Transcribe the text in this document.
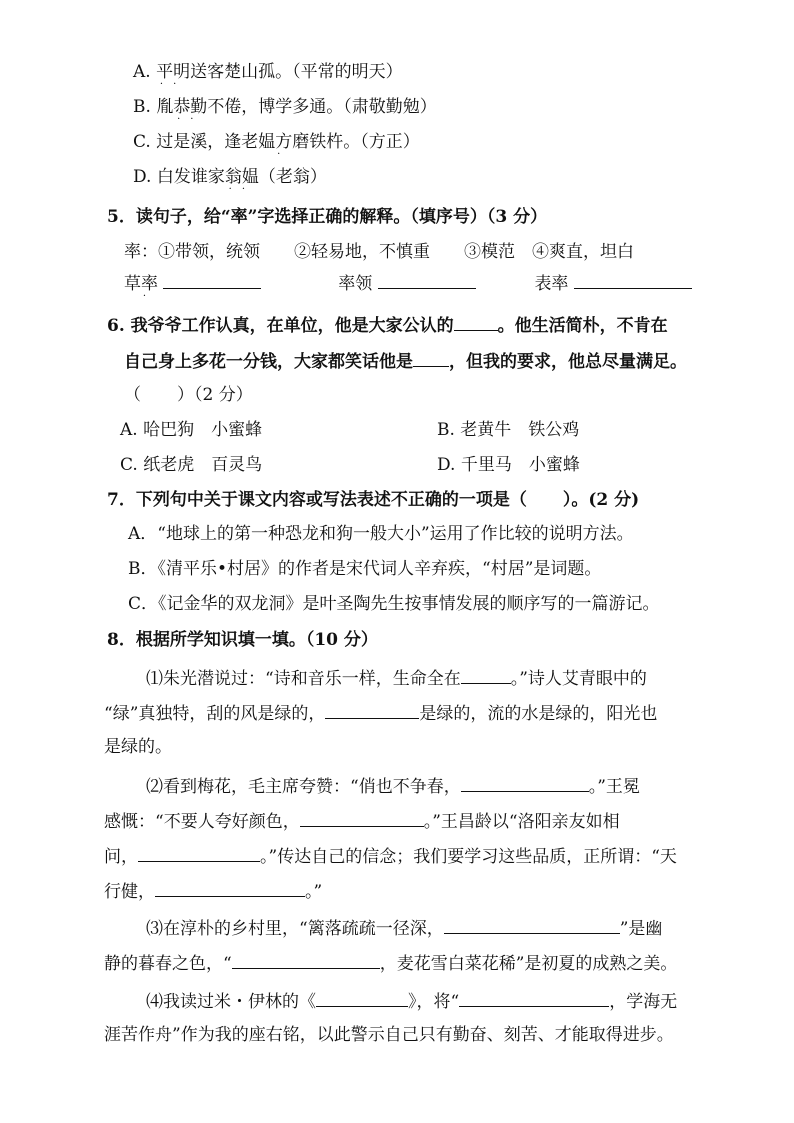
A. 平明
··
送客楚山孤。（平常的明天）
B. 胤恭勤
··
不倦，博学多通。（肃敬勤勉）
C. 过是溪，逢老媪方
·
磨铁杵。（方正）
D. 白发谁家翁媪
··
（老翁）
5．读句子，给“率”字选择正确的解释。（填序号）（3 分）
率：①带领，统领　　②轻易地，不慎重　　③模范　④爽直，坦白
草率
·
率领	表率
6. 我爷爷工作认真，在单位，他是大家公认的	。他生活简朴，不肯在
自己身上多花一分钱，大家都笑话他是 ，但我的要求，他总尽量满足。
（ ）（2 分）
A. 哈巴狗　小蜜蜂	B. 老黄牛　铁公鸡
C. 纸老虎　百灵鸟	D. 千里马　小蜜蜂
7．下列句中关于课文内容或写法表述不正确的一项是（ ）。(2 分)
A．“地球上的第一种恐龙和狗一般大小”运用了作比较的说明方法。
B．《清平乐•村居》的作者是宋代词人辛弃疾，“村居”是词题。
C．《记金华的双龙洞》是叶圣陶先生按事情发展的顺序写的一篇游记。
8．根据所学知识填一填。（10 分）
⑴朱光潜说过：“诗和音乐一样，生命全在	。”诗人艾青眼中的
“绿”真独特，刮的风是绿的，	是绿的，流的水是绿的，阳光也
是绿的。
⑵看到梅花，毛主席夸赞：“俏也不争春，	。”王冕
感慨：“不要人夸好颜色，	。”王昌龄以“洛阳亲友如相
问，	。”传达自己的信念；我们要学习这些品质，正所谓：“天
行健，	。”
⑶在淳朴的乡村里，“篱落疏疏一径深，	”是幽
静的暮春之色，“	，麦花雪白菜花稀”是初夏的成熟之美。
⑷我读过米・伊林的《	》，将“	，学海无
涯苦作舟”作为我的座右铭，以此警示自己只有勤奋、刻苦、才能取得进步。
